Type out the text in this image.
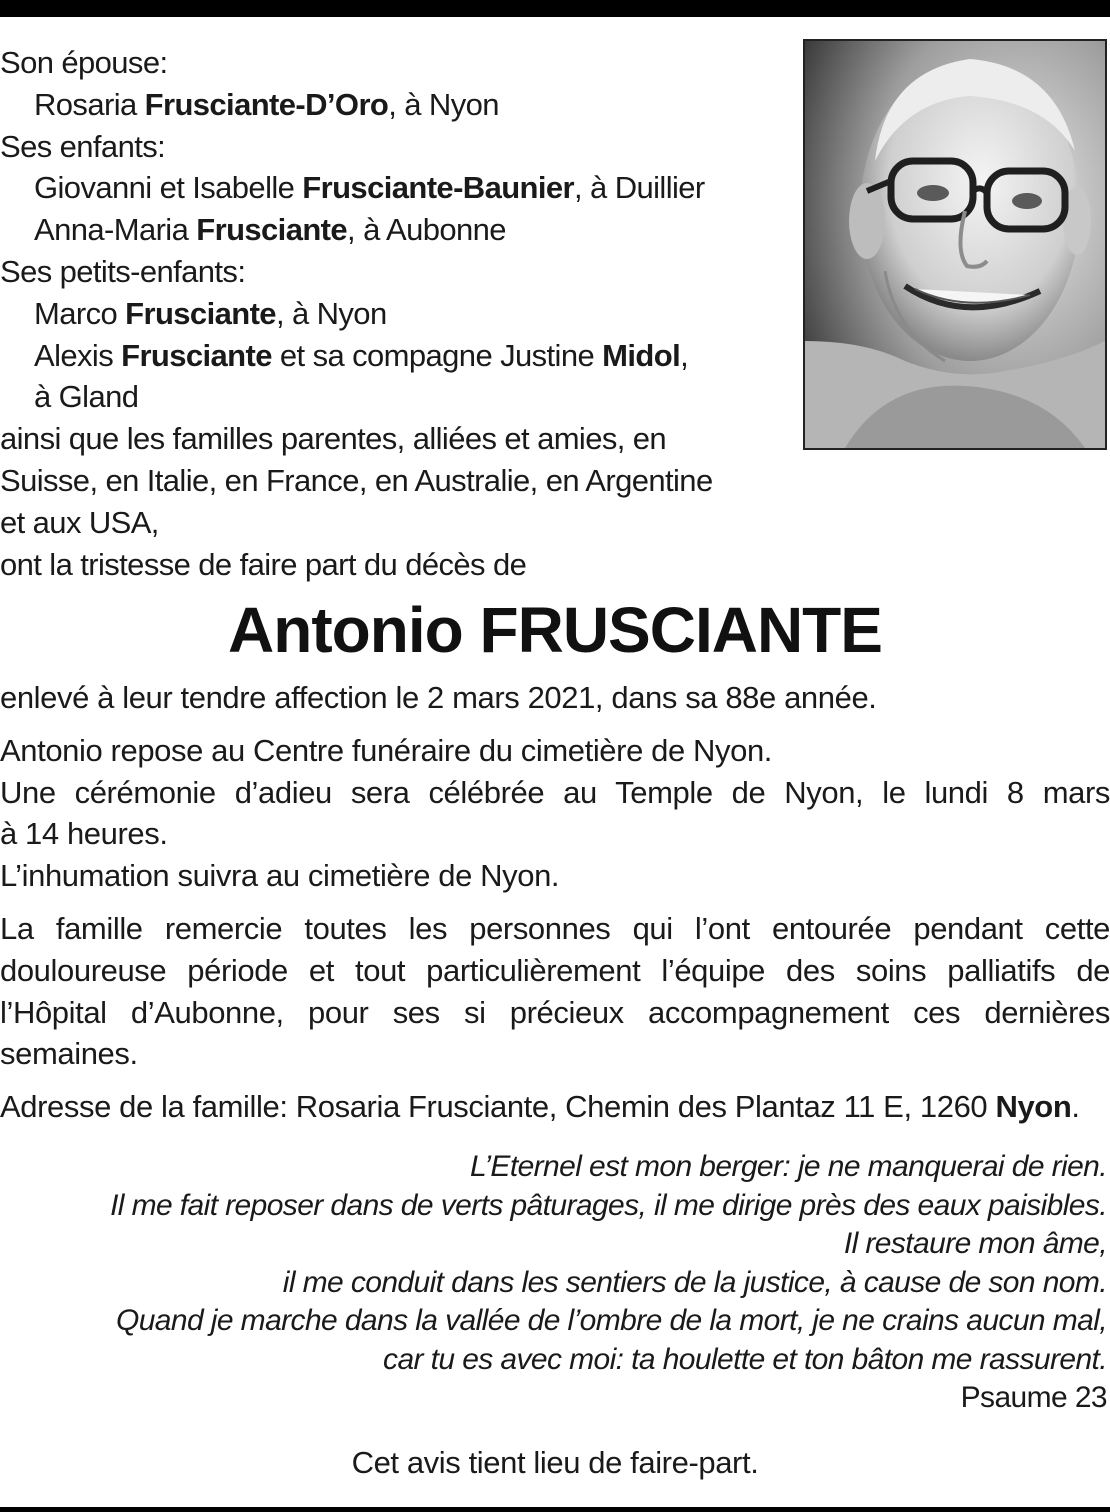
Son épouse:
Rosaria Frusciante-D’Oro, à Nyon
Ses enfants:
Giovanni et Isabelle Frusciante-Baunier, à Duillier
Anna-Maria Frusciante, à Aubonne
Ses petits-enfants:
Marco Frusciante, à Nyon
Alexis Frusciante et sa compagne Justine Midol,
à Gland
ainsi que les familles parentes, alliées et amies, en
Suisse, en Italie, en France, en Australie, en Argentine
et aux USA,
ont la tristesse de faire part du décès de
Antonio FRUSCIANTE

enlevé à leur tendre affection le 2 mars 2021, dans sa 88e année.

Antonio repose au Centre funéraire du cimetière de Nyon.

Une cérémonie d’adieu sera célébrée au Temple de Nyon, le lundi 8 mars

à 14 heures.

L’inhumation suivra au cimetière de Nyon.

La famille remercie toutes les personnes qui l’ont entourée pendant cette

douloureuse période et tout particulièrement l’équipe des soins palliatifs de

l’Hôpital d’Aubonne, pour ses si précieux accompagnement ces dernières

semaines.

Adresse de la famille: Rosaria Frusciante, Chemin des Plantaz 11 E, 1260 Nyon.

L’Eternel est mon berger: je ne manquerai de rien.
Il me fait reposer dans de verts pâturages, il me dirige près des eaux paisibles.
Il restaure mon âme,
il me conduit dans les sentiers de la justice, à cause de son nom.
Quand je marche dans la vallée de l’ombre de la mort, je ne crains aucun mal,
car tu es avec moi: ta houlette et ton bâton me rassurent.
Psaume 23
Cet avis tient lieu de faire-part.
